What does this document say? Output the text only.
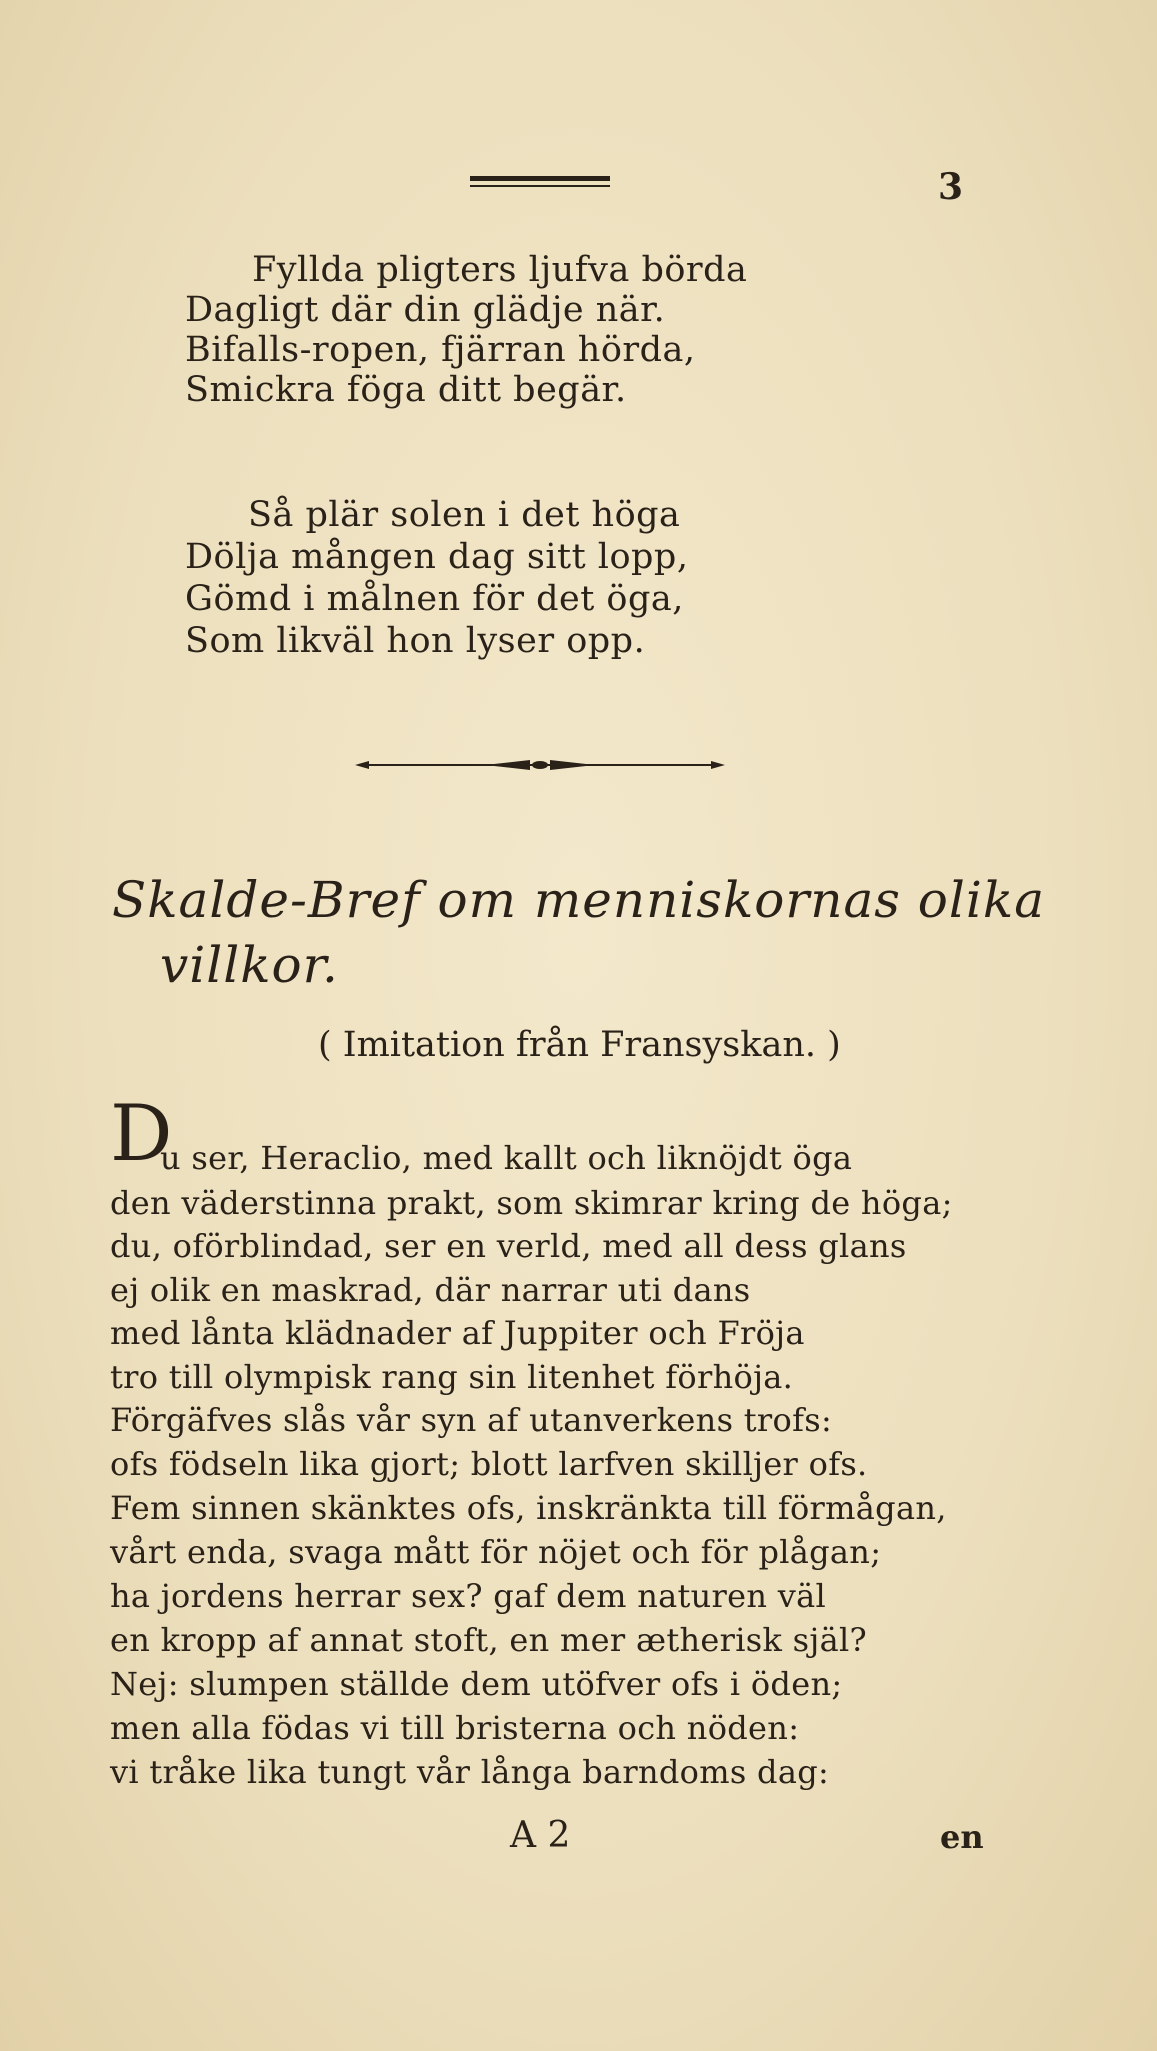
3
Fyllda pligters ljufva börda
Dagligt där din glädje när.
Bifalls-ropen, fjärran hörda,
Smickra föga ditt begär.
Så plär solen i det höga
Dölja mången dag sitt lopp,
Gömd i målnen för det öga,
Som likväl hon lyser opp.
Skalde-Bref om menniskornas olika
villkor.
( Imitation från Fransyskan. )
D
u ser, Heraclio, med kallt och liknöjdt öga
den väderstinna prakt, som skimrar kring de höga;
du, oförblindad, ser en verld, med all dess glans
ej olik en maskrad, där narrar uti dans
med lånta klädnader af Juppiter och Fröja
tro till olympisk rang sin litenhet förhöja.
Förgäfves slås vår syn af utanverkens trofs:
ofs födseln lika gjort; blott larfven skilljer ofs.
Fem sinnen skänktes ofs, inskränkta till förmågan,
vårt enda, svaga mått för nöjet och för plågan;
ha jordens herrar sex? gaf dem naturen väl
en kropp af annat stoft, en mer ætherisk själ?
Nej: slumpen ställde dem utöfver ofs i öden;
men alla födas vi till bristerna och nöden:
vi tråke lika tungt vår långa barndoms dag:
A 2	en
